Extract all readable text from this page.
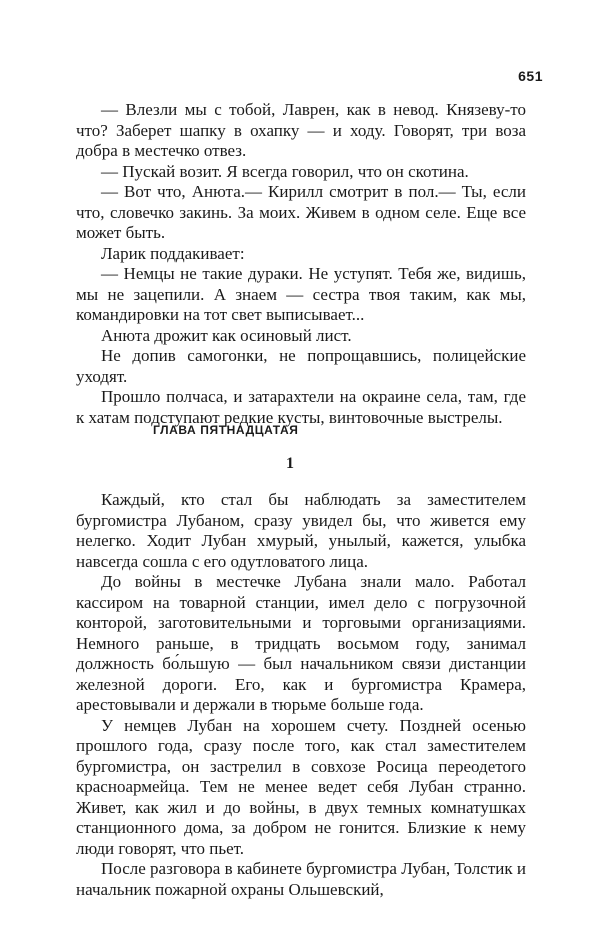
651

— Влезли мы с тобой, Лаврен, как в невод. Князеву-то что? Заберет шапку в охапку — и ходу. Говорят, три воза добра в местечко отвез.

— Пускай возит. Я всегда говорил, что он скотина.

— Вот что, Анюта.— Кирилл смотрит в пол.— Ты, если что, словечко закинь. За моих. Живем в одном селе. Еще все может быть.

Ларик поддакивает:

— Немцы не такие дураки. Не уступят. Тебя же, видишь, мы не зацепили. А знаем — сестра твоя таким, как мы, командировки на тот свет выписывает...

Анюта дрожит как осиновый лист.

Не допив самогонки, не попрощавшись, полицейские уходят.

Прошло полчаса, и затарахтели на окраине села, там, где к хатам подступают редкие кусты, винтовочные выстрелы.

ГЛАВА ПЯТНАДЦАТАЯ
1

Каждый, кто стал бы наблюдать за заместителем бургомистра Лубаном, сразу увидел бы, что живется ему нелегко. Ходит Лубан хмурый, унылый, кажется, улыбка навсегда сошла с его одутловатого лица.

До войны в местечке Лубана знали мало. Работал кассиром на товарной станции, имел дело с погрузочной конторой, заготовительными и торговыми организациями. Немного раньше, в тридцать восьмом году, занимал должность бо́льшую — был начальником связи дистанции железной дороги. Его, как и бургомистра Крамера, арестовывали и держали в тюрьме больше года.

У немцев Лубан на хорошем счету. Поздней осенью прошлого года, сразу после того, как стал заместителем бургомистра, он застрелил в совхозе Росица переодетого красноармейца. Тем не менее ведет себя Лубан странно. Живет, как жил и до войны, в двух темных комнатушках станционного дома, за добром не гонится. Близкие к нему люди говорят, что пьет.

После разговора в кабинете бургомистра Лубан, Толстик и начальник пожарной охраны Ольшевский,
